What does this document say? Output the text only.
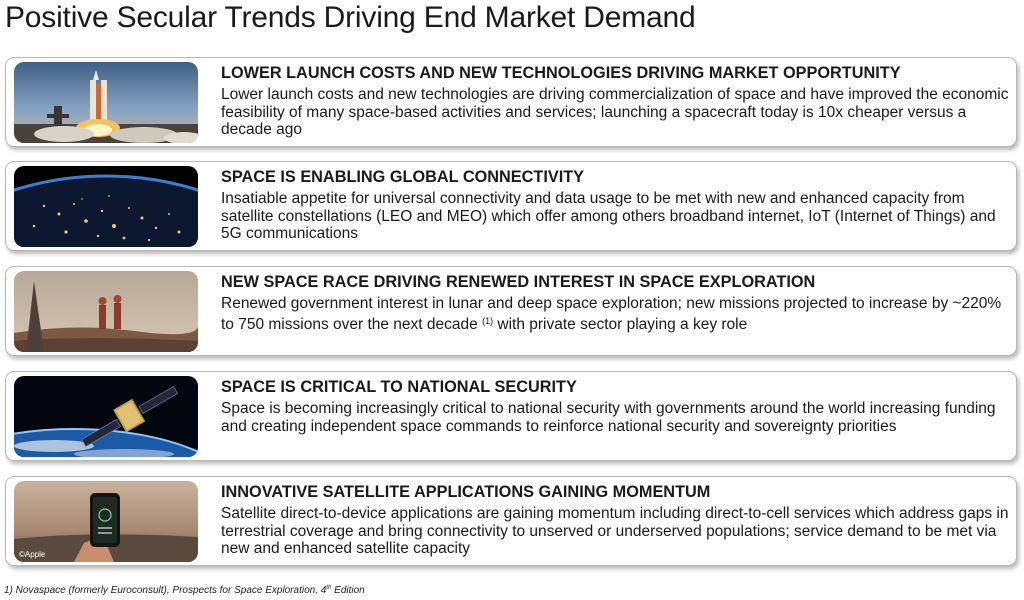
Positive Secular Trends Driving End Market Demand
LOWER LAUNCH COSTS AND NEW TECHNOLOGIES DRIVING MARKET OPPORTUNITY
Lower launch costs and new technologies are driving commercialization of space and have improved the economic feasibility of many space-based activities and services; launching a spacecraft today is 10x cheaper versus a decade ago
SPACE IS ENABLING GLOBAL CONNECTIVITY
Insatiable appetite for universal connectivity and data usage to be met with new and enhanced capacity from satellite constellations (LEO and MEO) which offer among others broadband internet, IoT (Internet of Things) and 5G communications
NEW SPACE RACE DRIVING RENEWED INTEREST IN SPACE EXPLORATION
Renewed government interest in lunar and deep space exploration; new missions projected to increase by ~220% to 750 missions over the next decade $^{(1)}$ with private sector playing a key role
SPACE IS CRITICAL TO NATIONAL SECURITY
Space is becoming increasingly critical to national security with governments around the world increasing funding and creating independent space commands to reinforce national security and sovereignty priorities
©Apple
INNOVATIVE SATELLITE APPLICATIONS GAINING MOMENTUM
Satellite direct-to-device applications are gaining momentum including direct-to-cell services which address gaps in terrestrial coverage and bring connectivity to unserved or underserved populations; service demand to be met via new and enhanced satellite capacity
1) Novaspace (formerly Euroconsult), Prospects for Space Exploration, 4th Edition
